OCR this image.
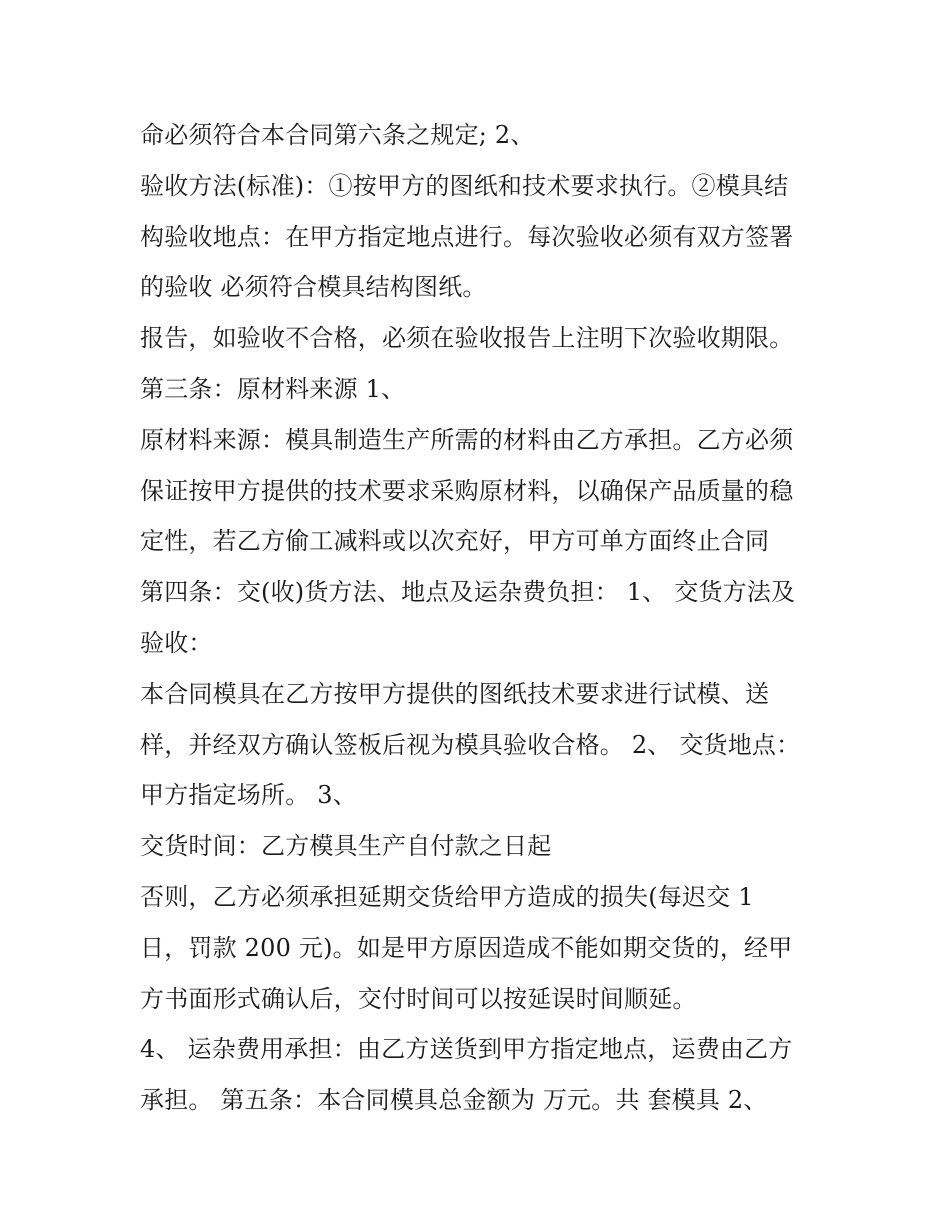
命必须符合本合同第六条之规定; 2、
验收方法(标准)：①按甲方的图纸和技术要求执行。②模具结
构验收地点：在甲方指定地点进行。每次验收必须有双方签署
的验收 必须符合模具结构图纸。
报告，如验收不合格，必须在验收报告上注明下次验收期限。
第三条：原材料来源 1、
原材料来源：模具制造生产所需的材料由乙方承担。乙方必须
保证按甲方提供的技术要求采购原材料，以确保产品质量的稳
定性，若乙方偷工减料或以次充好，甲方可单方面终止合同
第四条：交(收)货方法、地点及运杂费负担： 1、 交货方法及
验收：
本合同模具在乙方按甲方提供的图纸技术要求进行试模、送
样，并经双方确认签板后视为模具验收合格。 2、 交货地点：
甲方指定场所。 3、
交货时间：乙方模具生产自付款之日起
否则，乙方必须承担延期交货给甲方造成的损失(每迟交 1
日，罚款 200 元)。如是甲方原因造成不能如期交货的，经甲
方书面形式确认后，交付时间可以按延误时间顺延。
4、 运杂费用承担：由乙方送货到甲方指定地点，运费由乙方
承担。 第五条：本合同模具总金额为 万元。共 套模具 2、
